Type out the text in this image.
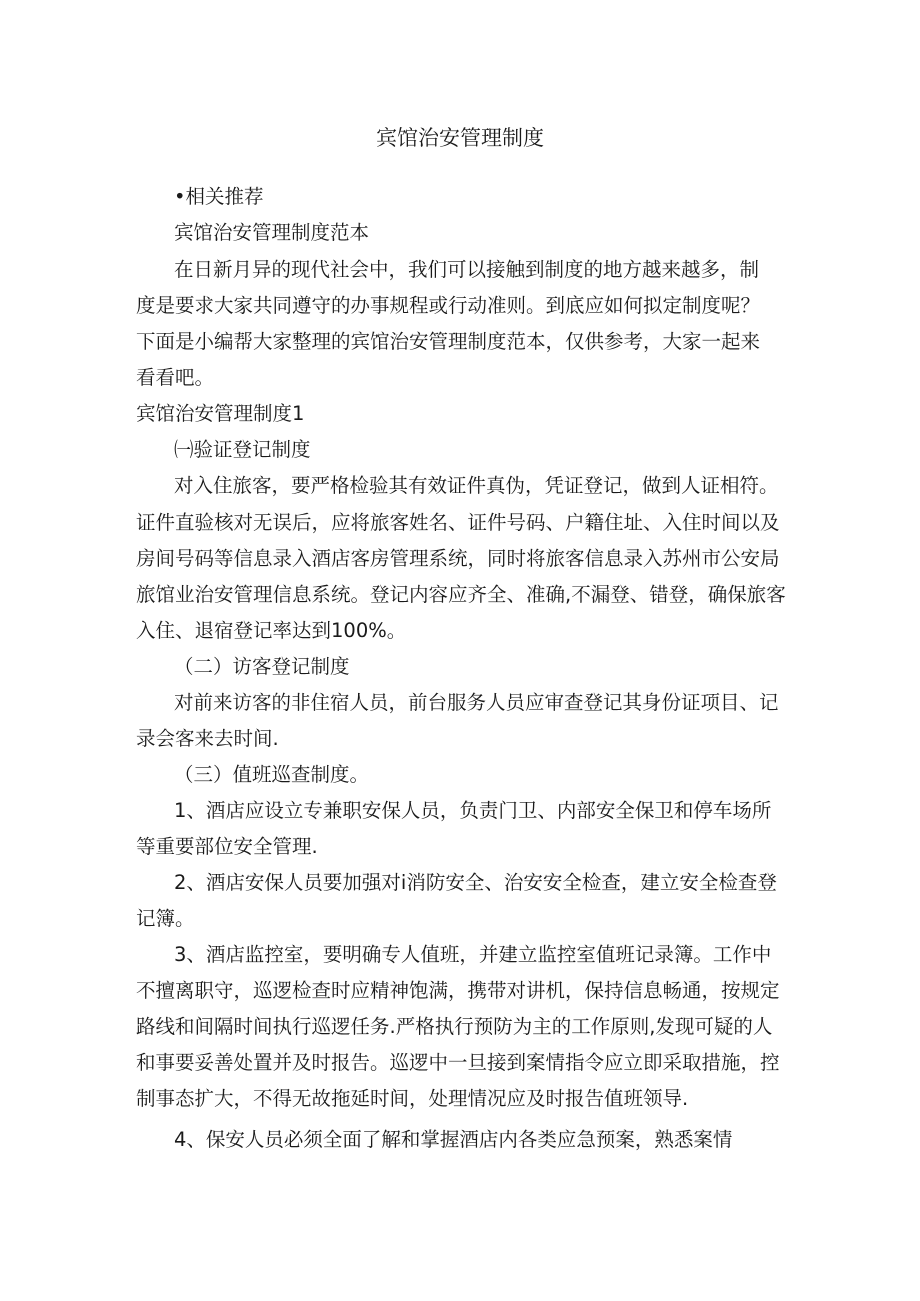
宾馆治安管理制度
•相关推荐
宾馆治安管理制度范本
在日新月异的现代社会中，我们可以接触到制度的地方越来越多，制
度是要求大家共同遵守的办事规程或行动准则。到底应如何拟定制度呢？
下面是小编帮大家整理的宾馆治安管理制度范本，仅供参考，大家一起来
看看吧。
宾馆治安管理制度1
㈠验证登记制度
对入住旅客，要严格检验其有效证件真伪，凭证登记，做到人证相符。
证件直验核对无误后，应将旅客姓名、证件号码、户籍住址、入住时间以及
房间号码等信息录入酒店客房管理系统，同时将旅客信息录入苏州市公安局
旅馆业治安管理信息系统。登记内容应齐全、准确,不漏登、错登，确保旅客
入住、退宿登记率达到100%。
（二）访客登记制度
对前来访客的非住宿人员，前台服务人员应审查登记其身份证项目、记
录会客来去时间.
（三）值班巡查制度。
1、酒店应设立专兼职安保人员，负责门卫、内部安全保卫和停车场所
等重要部位安全管理.
2、酒店安保人员要加强对i消防安全、治安安全检查，建立安全检查登
记簿。
3、酒店监控室，要明确专人值班，并建立监控室值班记录簿。工作中
不擅离职守，巡逻检查时应精神饱满，携带对讲机，保持信息畅通，按规定
路线和间隔时间执行巡逻任务.严格执行预防为主的工作原则,发现可疑的人
和事要妥善处置并及时报告。巡逻中一旦接到案情指令应立即采取措施，控
制事态扩大，不得无故拖延时间，处理情况应及时报告值班领导.
4、保安人员必须全面了解和掌握酒店内各类应急预案，熟悉案情
